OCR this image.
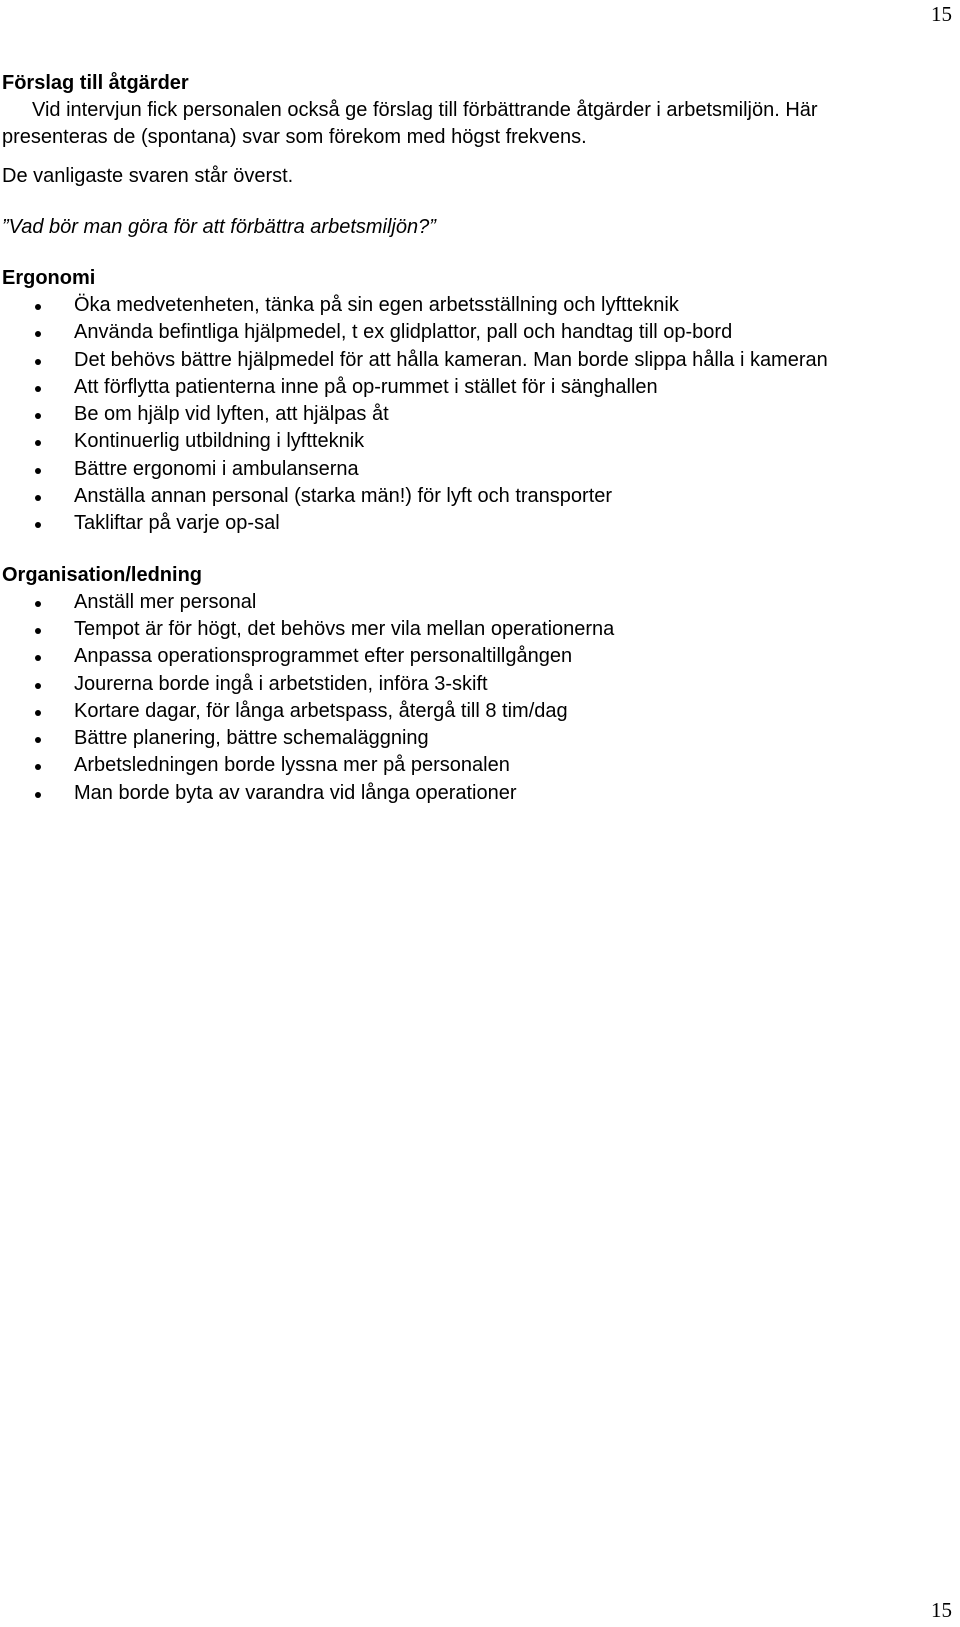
15
Förslag till åtgärder

Vid intervjun fick personalen också ge förslag till förbättrande åtgärder i arbetsmiljön. Här presenteras de (spontana) svar som förekom med högst frekvens.

De vanligaste svaren står överst.

”Vad bör man göra för att förbättra arbetsmiljön?”

Ergonomi
Öka medvetenheten, tänka på sin egen arbetsställning och lyftteknik
Använda befintliga hjälpmedel, t ex glidplattor, pall och handtag till op-bord
Det behövs bättre hjälpmedel för att hålla kameran. Man borde slippa hålla i kameran
Att förflytta patienterna inne på op-rummet i stället för i sänghallen
Be om hjälp vid lyften, att hjälpas åt
Kontinuerlig utbildning i lyftteknik
Bättre ergonomi i ambulanserna
Anställa annan personal (starka män!) för lyft och transporter
Takliftar på varje op-sal
Organisation/ledning
Anställ mer personal
Tempot är för högt, det behövs mer vila mellan operationerna
Anpassa operationsprogrammet efter personaltillgången
Jourerna borde ingå i arbetstiden, införa 3-skift
Kortare dagar, för långa arbetspass, återgå till 8 tim/dag
Bättre planering, bättre schemaläggning
Arbetsledningen borde lyssna mer på personalen
Man borde byta av varandra vid långa operationer
15
